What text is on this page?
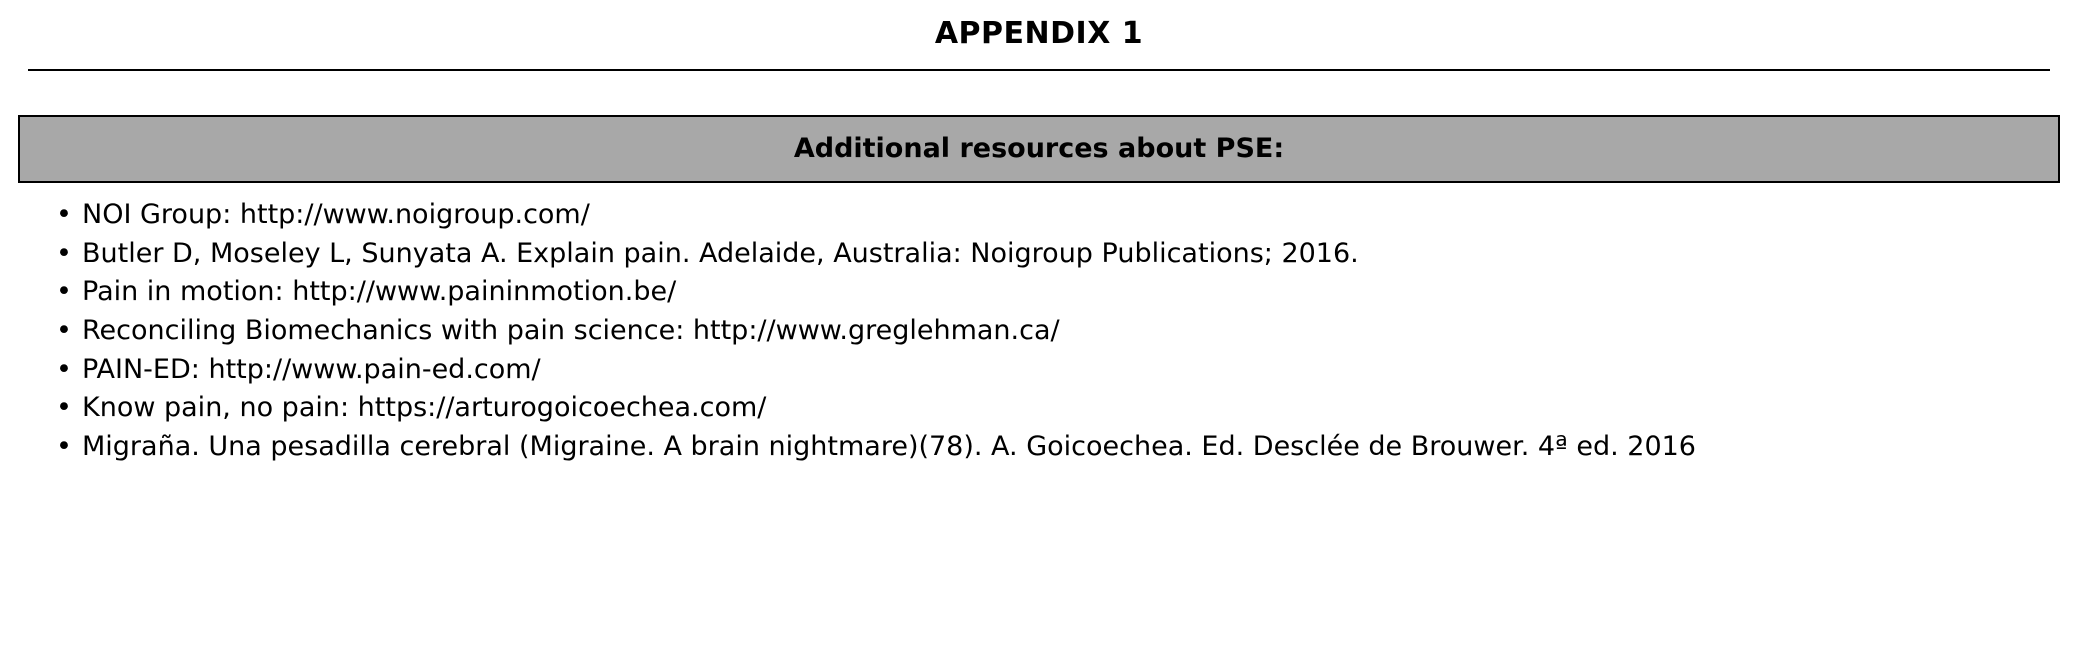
APPENDIX 1
Additional resources about PSE:
• NOI Group: http://www.noigroup.com/
• Butler D, Moseley L, Sunyata A. Explain pain. Adelaide, Australia: Noigroup Publications; 2016.
• Pain in motion: http://www.paininmotion.be/
• Reconciling Biomechanics with pain science: http://www.greglehman.ca/
• PAIN-ED: http://www.pain-ed.com/
• Know pain, no pain: https://arturogoicoechea.com/
• Migraña. Una pesadilla cerebral (Migraine. A brain nightmare)(78). A. Goicoechea. Ed. Desclée de Brouwer. 4ª ed. 2016
